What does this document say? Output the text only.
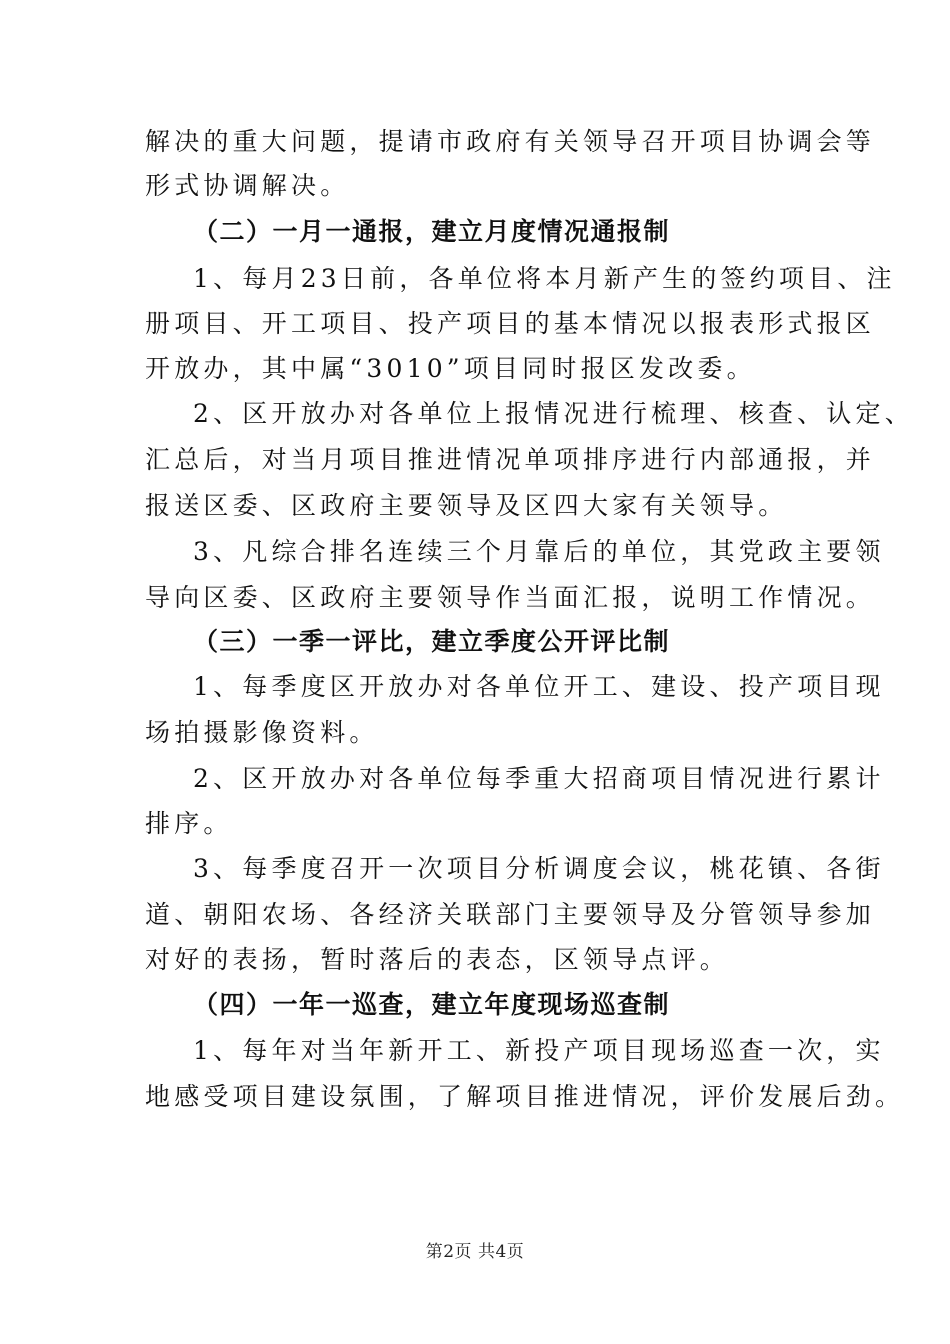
解决的重大问题，提请市政府有关领导召开项目协调会等
形式协调解决。
（二）一月一通报，建立月度情况通报制
1、每月23日前，各单位将本月新产生的签约项目、注
册项目、开工项目、投产项目的基本情况以报表形式报区
开放办，其中属“3010”项目同时报区发改委。
2、区开放办对各单位上报情况进行梳理、核查、认定、
汇总后，对当月项目推进情况单项排序进行内部通报，并
报送区委、区政府主要领导及区四大家有关领导。
3、凡综合排名连续三个月靠后的单位，其党政主要领
导向区委、区政府主要领导作当面汇报，说明工作情况。
（三）一季一评比，建立季度公开评比制
1、每季度区开放办对各单位开工、建设、投产项目现
场拍摄影像资料。
2、区开放办对各单位每季重大招商项目情况进行累计
排序。
3、每季度召开一次项目分析调度会议，桃花镇、各街
道、朝阳农场、各经济关联部门主要领导及分管领导参加
对好的表扬，暂时落后的表态，区领导点评。
（四）一年一巡查，建立年度现场巡查制
1、每年对当年新开工、新投产项目现场巡查一次，实
地感受项目建设氛围，了解项目推进情况，评价发展后劲。
第2页 共4页
